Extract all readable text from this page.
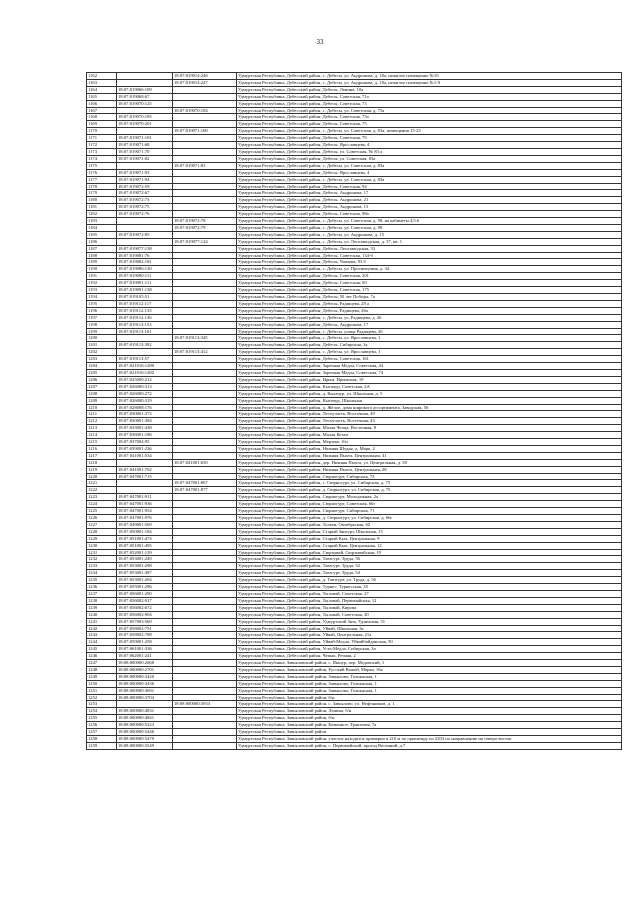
33
1162		18:07:019014:246	Удмуртская Республика, Дебесский район, с. Дебесы, ул. Андронова, д. 18а, нежилое помещение №10
1163		18:07:019014:247	Удмуртская Республика, Дебесский район, с. Дебесы, ул. Андронова, д. 18а, нежилое помещение №1-9
1164	18:07:019066:109		Удмуртская Республика, Дебесский район, Дебесы, Ленина, 10а
1165	18:07:019068:67		Удмуртская Республика, Дебесский район, Дебесы, Советская, 71а
1166	18:07:019070:125		Удмуртская Республика, Дебесский район, Дебесы, Советская, 73
1167		18:07:019070:184	Удмуртская Республика, Дебесский район, с. Дебесы, ул. Советская, д. 75а
1168	18:07:019070:185		Удмуртская Республика, Дебесский район, Дебесы, Советская, 75а
1169	18:07:019070:201		Удмуртская Республика, Дебесский район, Дебесы, Советская, 75
1170		18:07:019071:100	Удмуртская Республика, Дебесский район, с. Дебесы, ул. Советская, д. 83а, помещения 15-23
1171	18:07:019071:101		Удмуртская Республика, Дебесский район, Дебесы, Советская, 79
1172	18:07:019071:68		Удмуртская Республика, Дебесский район, Дебесы, Ярославцева, 4
1173	18:07:019071:70		Удмуртская Республика, Дебесский район, Дебесы, ул. Советская, № 83 а
1174	18:07:019071:82		Удмуртская Республика, Дебесский район, Дебесы, ул. Советская, 83а
1175		18:07:019071:83	Удмуртская Республика, Дебесский район, с. Дебесы, ул. Советская, д. 83а
1176	18:07:019071:93		Удмуртская Республика, Дебесский район, Дебесы, Ярославцева, 4
1177	18:07:019071:94		Удмуртская Республика, Дебесский район, с. Дебесы, ул. Советская, д. 83а
1178	18:07:019072:59		Удмуртская Республика, Дебесский район, Дебесы, Советская, 94
1179	18:07:019072:67		Удмуртская Республика, Дебесский район, Дебесы, Андронова, 17
1180	18:07:019072:73		Удмуртская Республика, Дебесский район, Дебесы, Андронова, 21
1181	18:07:019072:75		Удмуртская Республика, Дебесский район, Дебесы, Андронова, 15
1182	18:07:019072:76		Удмуртская Республика, Дебесский район, Дебесы, Советская, 98а
1183		18:07:019072:78	Удмуртская Республика, Дебесский район, с. Дебесы, ул. Советская, д. 98, на кабинеты 4,5,6
1184		18:07:019072:79	Удмуртская Республика, Дебесский район, с. Дебесы, ул. Советская, д. 98
1185	18:07:019072:85		Удмуртская Республика, Дебесский район, с. Дебесы, ул. Андронова, д. 15
1186		18:07:019077:124	Удмуртская Республика, Дебесский район, с. Дебесы, ул. Лесозаводская, д. 37, кв. 1
1187	18:07:019077:138		Удмуртская Республика, Дебесский район, Дебесы, Лесозаводская, 33
1188	18:07:019081:76		Удмуртская Республика, Дебесский район, Дебесы, Советская, 134-б
1189	18:07:019082:181		Удмуртская Республика, Дебесский район, Дебесы, Чапаева, 93 б
1190	18:07:019086:130		Удмуртская Республика, Дебесский район, с. Дебесы, ул. Просвещения, д. 34
1191	18:07:019090:111		Удмуртская Республика, Дебесский район, Дебесы, Советская, 201
1192	18:07:019091:111		Удмуртская Республика, Дебесский район, Дебесы, Советская, 50
1193	18:07:019091:138		Удмуртская Республика, Дебесский район, Дебесы, Советская, 175
1194	18:07:019105:51		Удмуртская Республика, Дебесский район, Дебесы, 50 лет Победы, 7а
1195	18:07:019112:117		Удмуртская Республика, Дебесский район, Дебесы, Радищева, 28 а
1196	18:07:019112:133		Удмуртская Республика, Дебесский район, Дебесы, Радищева, 26а
1197	18:07:019112:136		Удмуртская Республика, Дебесский район, с. Дебесы, ул. Радищева, д. 26
1198	18:07:019113:153		Удмуртская Республика, Дебесский район, Дебесы, Андронова, 17
1199	18:07:019113:161		Удмуртская Республика, Дебесский район, с. Дебесы, улица Радищева, 26
1200		18:07:019113:345	Удмуртская Республика, Дебесский район, с. Дебесы, ул. Ярославцева, 1
1201	18:07:019113:392		Удмуртская Республика, Дебесский район, Дебесы, Сибирская, 1а
1202		18:07:019113:412	Удмуртская Республика, Дебесский район, с. Дебесы, ул. Ярославцева, 1
1203	18:07:019113:57		Удмуртская Республика, Дебесский район, Дебесы, Советская, 161
1204	18:07:021016:1280		Удмуртская Республика, Дебесский район, Заречная Медла, Советская, 44
1205	18:07:021016:1282		Удмуртская Республика, Дебесский район, Заречная Медла, Советская, 74
1206	18:07:025000:212		Удмуртская Республика, Дебесский район, Ирым, Ирымская, 19
1207	18:07:026000:313		Удмуртская Республика, Дебесский район, Кытачур, Советская, 2А
1208	18:07:026000:272		Удмуртская Республика, Дебесский район, д. Кытачур, ул. Школьная, д. 5
1209	18:07:026000:319		Удмуртская Республика, Дебесский район, Кытачур, Школьная
1210	18:07:028008:176		Удмуртская Республика, Дебесский район, д. Жёлое, дома широкого ассортимента, Заводская, 56
1211	18:07:030001:372		Удмуртская Республика, Дебесский район, Лесоучастк, Восточная, 49
1212	18:07:030001:384		Удмуртская Республика, Дебесский район, Лесоучастк, Восточная, 43
1213	18:07:033001:438		Удмуртская Республика, Дебесский район, Малая Чепца, Восточная, 8
1214	18:07:036001:186		Удмуртская Республика, Дебесский район, Малая Кетаи
1215	18:07:037004:95		Удмуртская Республика, Дебесский район, Мерзоке, б/н
1216	18:07:039001:236		Удмуртская Республика, Дебесский район, Нижняя Шудья, д. Марк, 2
1217	18:07:041001:534		Удмуртская Республика, Дебесский район, Нижняя Пыхта, Центральная, 41
1218		18:07:041001:650	Удмуртская Республика, Дебесский район, дер. Нижняя Пыхта, ул. Центральная, д. 39
1219	18:07:041001:702		Удмуртская Республика, Дебесский район, Нижняя Пыхта, Центральная, 28
1220	18:07:047001:715		Удмуртская Республика, Дебесский район, Сюрногурт, Сибирская, 73
1221		18:07:047001:867	Удмуртская Республика, Дебесский район, с. Сюрногурт, ул. Сибирская, д. 75
1222		18:07:047001:877	Удмуртская Республика, Дебесский район, д. Сюрногурт, ул. Сибирская, д. 75
1223	18:07:047001:911		Удмуртская Республика, Дебесский район, Сюрногурт, Молодежная, 2а
1224	18:07:047001:936		Удмуртская Республика, Дебесский район, Сюрногурт, Советская, 66г
1225	18:07:047001:954		Удмуртская Республика, Дебесский район, Сюрногурт, Сибирская, 71
1226	18:07:047001:976		Удмуртская Республика, Дебесский район, д. Сюрногурт, ул. Сибирская, д. 66г
1227	18:07:049001:569		Удмуртская Республика, Дебесский район, Тольен, Октябрьская, 62
1228	18:07:050001:184		Удмуртская Республика, Дебесский район, Старый Зянгурт, Школьная, 15
1229	18:07:051001:474		Удмуртская Республика, Дебесский район, Старый Кыч, Центральная, 9
1230	18:07:051001:495		Удмуртская Республика, Дебесский район, Старый Кыч, Центральная, 12
1231	18:07:052001:139		Удмуртская Республика, Дебесский район, Сюрзывай, Сюрзывайская, 19
1232	18:07:053001:249		Удмуртская Республика, Дебесский район, Тавзгурт, Труда, 56
1233	18:07:053001:298		Удмуртская Республика, Дебесский район, Тавзгурт, Труда, 52
1234	18:07:053001:387		Удмуртская Республика, Дебесский район, Тавзгурт, Труда, 54
1235	18:07:053001:264		Удмуртская Республика, Дебесский район, д. Тавзгурт, ул. Труда, д. 56
1236	18:07:055001:296		Удмуртская Республика, Дебесский район, Турнес, Турнесская, 35
1237	18:07:056001:290		Удмуртская Республика, Дебесский район, Тыловай, Советская, 27
1238	18:07:056002:917		Удмуртская Республика, Дебесский район, Тыловай, Первомайская, 12
1239	18:07:056002:672		Удмуртская Республика, Дебесский район, Тыловай, Кирова
1240	18:07:056002:904		Удмуртская Республика, Дебесский район, Тыловай, Советская, 20
1241	18:07:057003:569		Удмуртская Республика, Дебесский район, Удмуртский Зязь, Удзинская, 51
1242	18:07:058002:751		Удмуртская Республика, Дебесский район, Уйвай, Школьная, 3а
1243	18:07:058002:788		Удмуртская Республика, Дебесский район, Уйвай, Центральная, 21а
1244	18:07:059001:258		Удмуртская Республика, Дебесский район, Уйвай-Медла, Уйвайбайдинская, 50
1245	18:07:061001:336		Удмуртская Республика, Дебесский район, Усть-Медла, Сибирская, 3а
1246	18:07:062001:241		Удмуртская Республика, Дебесский район, Чепык, Речная, 2
1247	18:08:000000:2668		Удмуртская Республика, Завьяловский район, с. Якшур, пер. Медовский, 1
1248	18:08:000000:2701		Удмуртская Республика, Завьяловский район, Русский Вожой, Марка, 16а
1249	18:08:000000:3420		Удмуртская Республика, Завьяловский район, Завьялово, Гольянская, 1
1250	18:08:000000:3436		Удмуртская Республика, Завьяловский район, Завьялово, Гольянская, 1
1251	18:08:000000:3691		Удмуртская Республика, Завьяловский район, Завьялово, Гольянская, 1
1252	18:08:000000:3704		Удмуртская Республика, Завьяловский район, б/н
1253		18:08:000000:3933	Удмуртская Республика, Завьяловский район, с. Завьялово, ул. Нефтяников, д. 1
1254	18:08:000000:4831		Удмуртская Республика, Завьяловский район, Ленина, б/н
1255	18:08:000000:4841		Удмуртская Республика, Завьяловский район, б/н
1256	18:08:000000:5223		Удмуртская Республика, Завьяловский район, Каменное, Трактовая, 7а
1257	18:08:000000:5446		Удмуртская Республика, Завьяловский район
1258	18:08:000000:5479		Удмуртская Республика, Завьяловский район, участок находится примерно в 210 м по ориентиру по 2203 по направлению на северо-восток
1259	18:08:000000:5549		Удмуртская Республика, Завьяловский район, с. Первомайский, проезд Весенний, д.7
